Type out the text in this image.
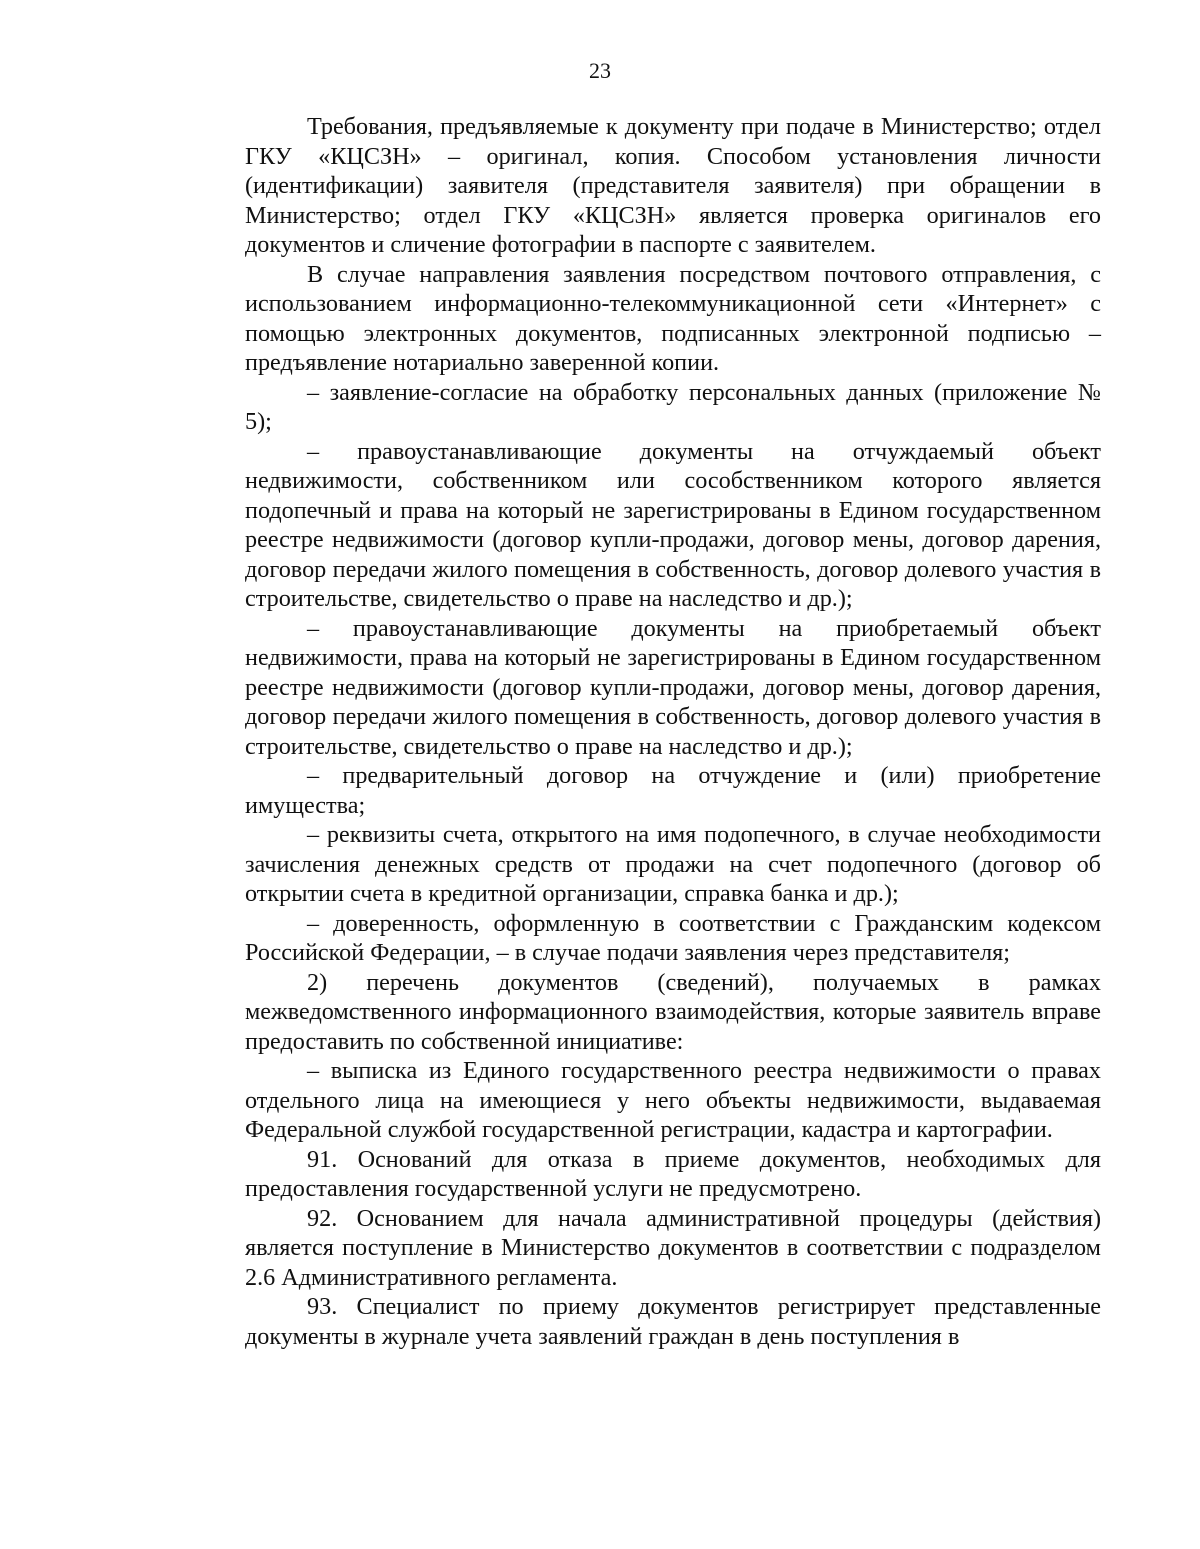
23

Требования, предъявляемые к документу при подаче в Министерство; отдел ГКУ «КЦСЗН» – оригинал, копия. Способом установления личности (идентификации) заявителя (представителя заявителя) при обращении в Министерство; отдел ГКУ «КЦСЗН» является проверка оригиналов его документов и сличение фотографии в паспорте с заявителем.

В случае направления заявления посредством почтового отправления, с использованием информационно-телекоммуникационной сети «Интернет» с помощью электронных документов, подписанных электронной подписью – предъявление нотариально заверенной копии.

– заявление-согласие на обработку персональных данных (приложение № 5);

– правоустанавливающие документы на отчуждаемый объект недвижимости, собственником или сособственником которого является подопечный и права на который не зарегистрированы в Едином государственном реестре недвижимости (договор купли-продажи, договор мены, договор дарения, договор передачи жилого помещения в собственность, договор долевого участия в строительстве, свидетельство о праве на наследство и др.);

– правоустанавливающие документы на приобретаемый объект недвижимости, права на который не зарегистрированы в Едином государственном реестре недвижимости (договор купли-продажи, договор мены, договор дарения, договор передачи жилого помещения в собственность, договор долевого участия в строительстве, свидетельство о праве на наследство и др.);

– предварительный договор на отчуждение и (или) приобретение имущества;

– реквизиты счета, открытого на имя подопечного, в случае необходимости зачисления денежных средств от продажи на счет подопечного (договор об открытии счета в кредитной организации, справка банка и др.);

– доверенность, оформленную в соответствии с Гражданским кодексом Российской Федерации, – в случае подачи заявления через представителя;

2) перечень документов (сведений), получаемых в рамках межведомственного информационного взаимодействия, которые заявитель вправе предоставить по собственной инициативе:

– выписка из Единого государственного реестра недвижимости о правах отдельного лица на имеющиеся у него объекты недвижимости, выдаваемая Федеральной службой государственной регистрации, кадастра и картографии.

91. Оснований для отказа в приеме документов, необходимых для предоставления государственной услуги не предусмотрено.

92. Основанием для начала административной процедуры (действия) является поступление в Министерство документов в соответствии с подразделом 2.6 Административного регламента.

93. Специалист по приему документов регистрирует представленные документы в журнале учета заявлений граждан в день поступления в
